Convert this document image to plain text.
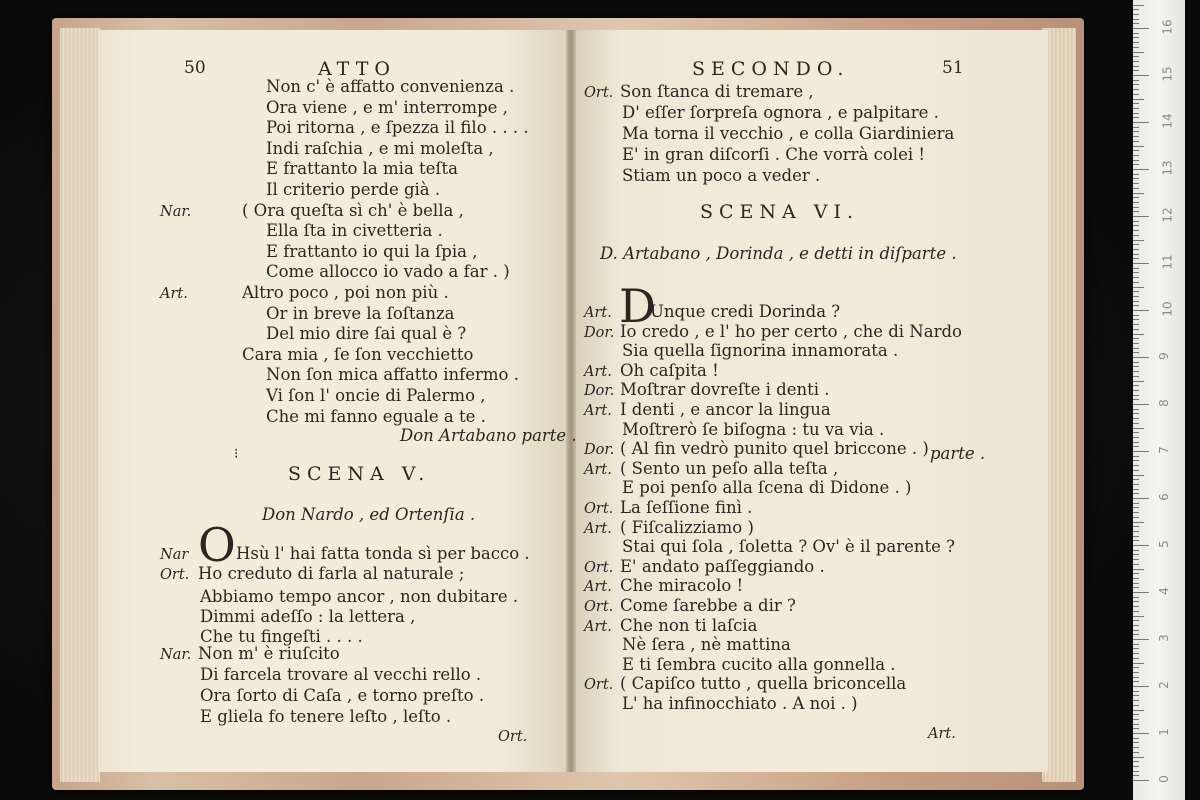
50	ATTO
Non c' è affatto convenienza .
Ora viene , e m' interrompe ,
Poi ritorna , e ſpezza il filo . . . .
Indi raſchia , e mi moleſta ,
E frattanto la mia teſta
Il criterio perde già .
Nar.	( Ora queſta sì ch' è bella ,
Ella ſta in civetteria .
E frattanto io qui la ſpia ,
Come allocco io vado a far . )
Art.	Altro poco , poi non più .
Or in breve la ſoſtanza
Del mio dire ſai qual è ?
Cara mia , ſe ſon vecchietto
Non ſon mica affatto infermo .
Vi ſon l' oncie di Palermo ,
Che mi fanno eguale a te .
Nar	Hsù l' hai fatta tonda sì per bacco .
Ort. Ho creduto di farla al naturale ;
Abbiamo tempo ancor , non dubitare .
Dimmi adeſſo : la lettera ,
Che tu fingeſti . . . .
Nar. Non m' è riuſcito
Di farcela trovare al vecchi rello .
Ora ſorto di Caſa , e torno preſto .
E gliela fo tenere leſto , leſto .
SECONDO.	51
Ort. Son ſtanca di tremare ,
D' eſſer ſorpreſa ognora , e palpitare .
Ma torna il vecchio , e colla Giardiniera
E' in gran diſcorſi . Che vorrà colei !
Stiam un poco a veder .
Art. Unque credi Dorinda ?
Dor. Io credo , e l' ho per certo , che di Nardo
Sia quella ſignorina innamorata .
Art. Oh caſpita !
Dor. Moſtrar dovreſte i denti .
Art. I denti , e ancor la lingua
Moſtrerò ſe biſogna : tu va via .
Dor. ( Al fin vedrò punito quel briccone . )
Art. ( Sento un peſo alla teſta ,
E poi penſo alla ſcena di Didone . )
Ort. La ſeſſione finì .
Art. ( Fiſcalizziamo )
Stai qui ſola , ſoletta ? Ov' è il parente ?
Ort. E' andato paſſeggiando .
Art. Che miracolo !
Ort. Come ſarebbe a dir ?
Art. Che non ti laſcia
Nè ſera , nè mattina
E ti ſembra cucito alla gonnella .
Ort. ( Capiſco tutto , quella briconcella
L' ha infinocchiato . A noi . )
Don Artabano parte .
⁝
SCENA V.
Don Nardo , ed Ortenſia .
O
Ort.
SCENA VI.
D. Artabano , Dorinda , e detti in diſparte .
D
parte .
Art.
0
1
2
3
4
5
6
7
8
9
10
11
12
13
14
15
16
